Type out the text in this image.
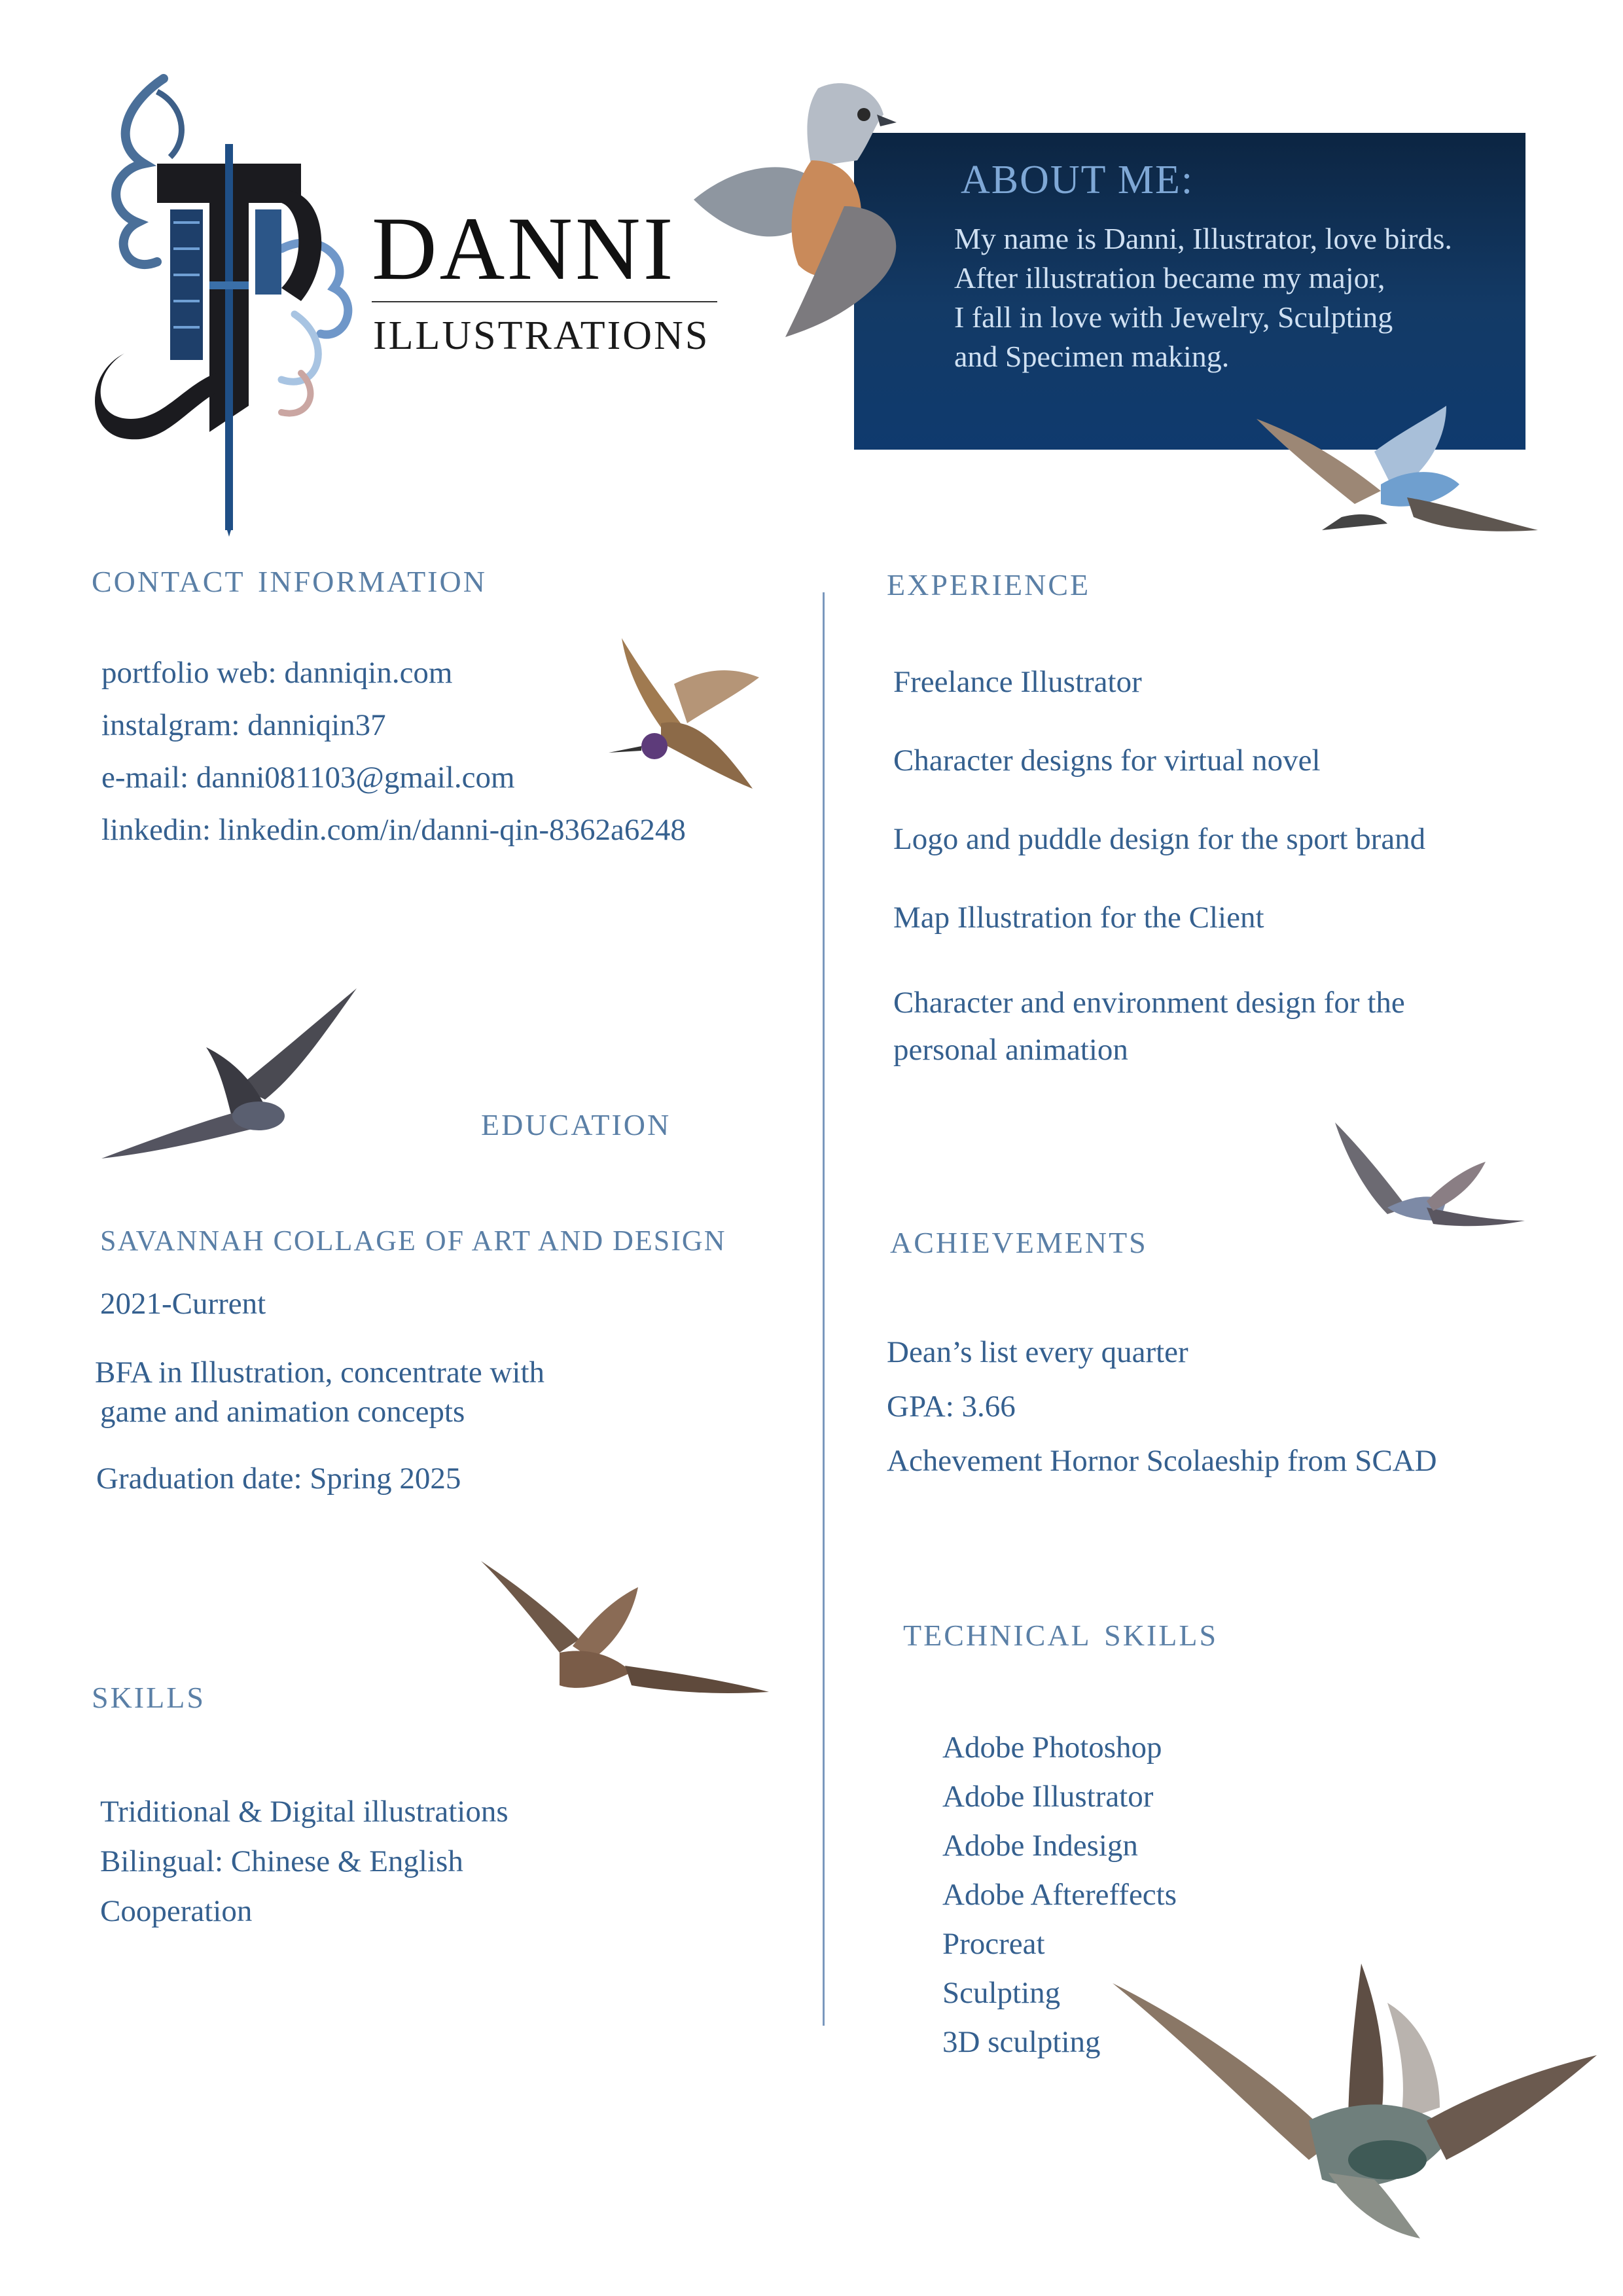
DANNI

ILLUSTRATIONS

ABOUT ME:
My name is Danni, Illustrator, love birds.
After illustration became my major,
I fall in love with Jewelry, Sculpting
and Specimen making.
contact information
portfolio web: danniqin.com
instalgram: danniqin37
e-mail: danni081103@gmail.com
linkedin: linkedin.com/in/danni-qin-8362a6248
experience

Freelance Illustrator

Character designs for virtual novel

Logo and puddle design for the sport brand

Map Illustration for the Client

Character and environment design for the

personal animation

education

SAVANNAH COLLAGE OF ART AND DESIGN

2021-Current

BFA in Illustration, concentrate with

game and animation concepts

Graduation date: Spring 2025

achievements
Dean’s list every quarter
GPA: 3.66
Achevement Hornor Scolaeship from SCAD
skills
Triditional & Digital illustrations
Bilingual: Chinese & English
Cooperation
technical skills
Adobe Photoshop
Adobe Illustrator
Adobe Indesign
Adobe Aftereffects
Procreat
Sculpting
3D sculpting
